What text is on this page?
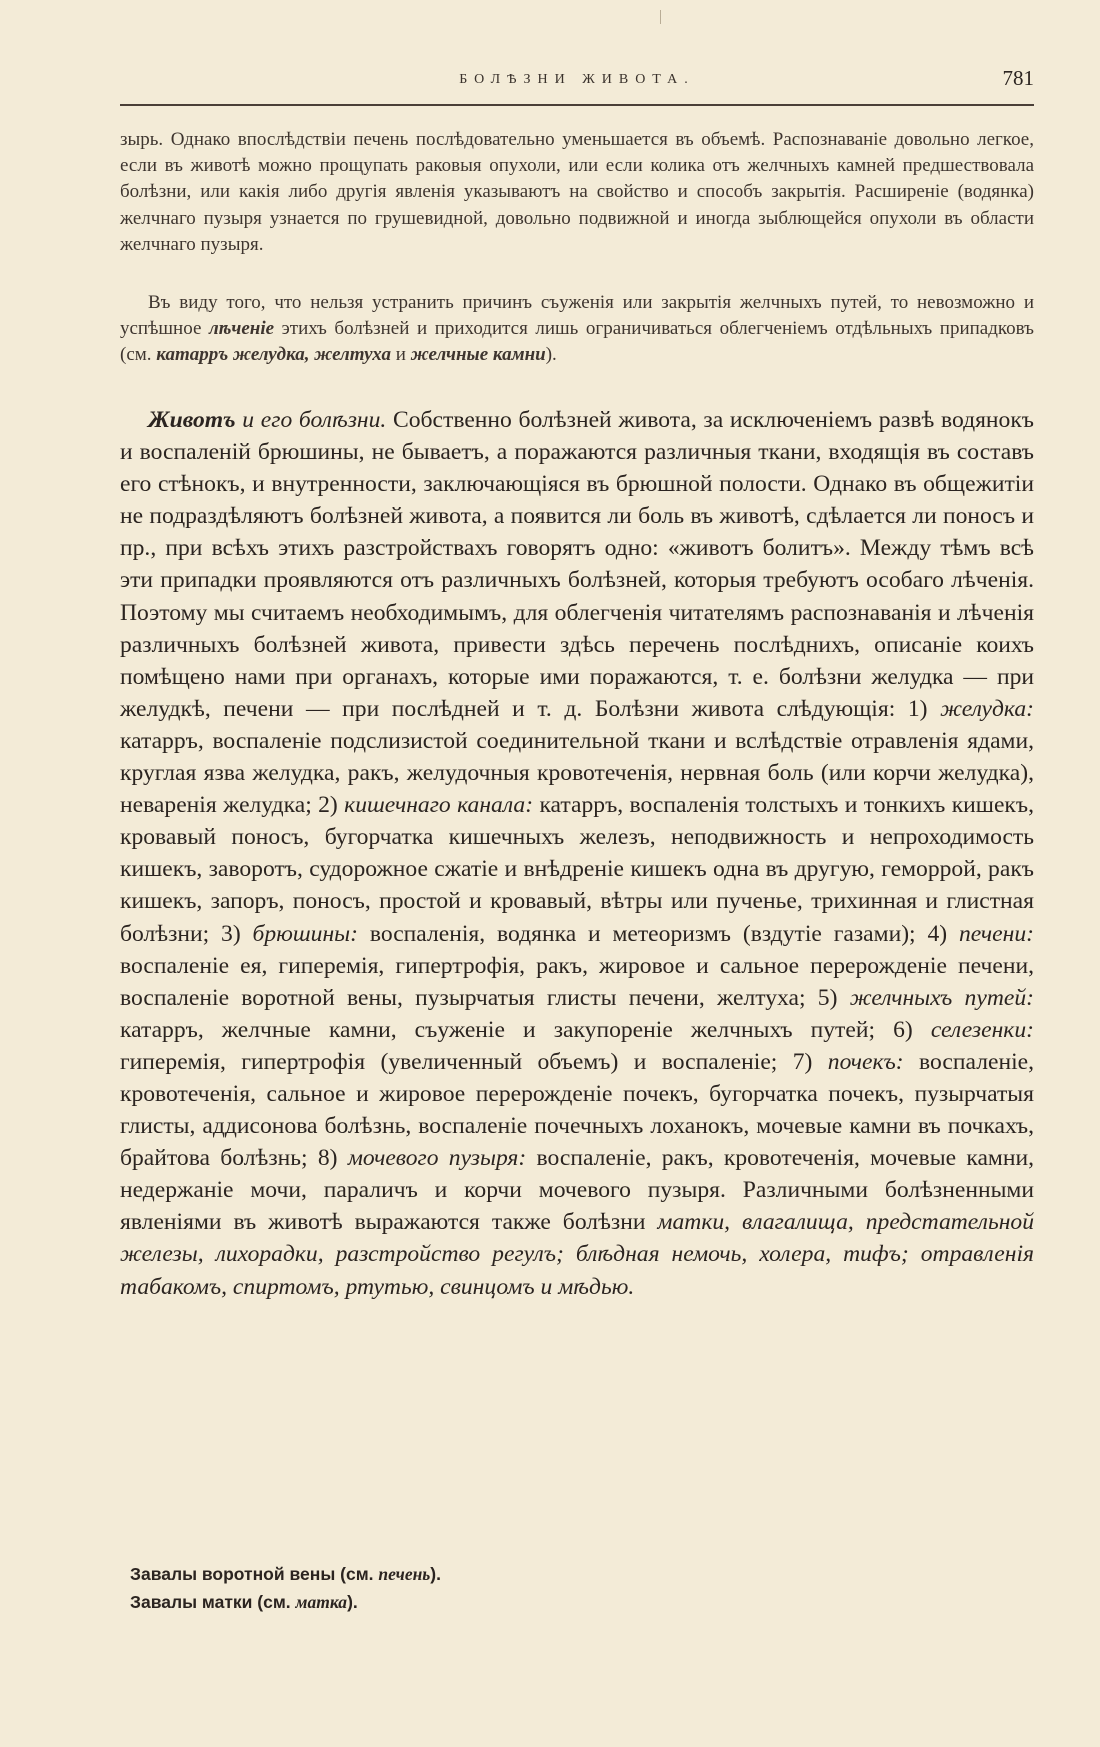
БОЛѢЗНИ ЖИВОТА.	781

зырь. Однако впослѣдствіи печень послѣдовательно уменьшается въ объемѣ. Распознаваніе довольно легкое, если въ животѣ можно прощупать раковыя опухоли, или если колика отъ желчныхъ камней предшествовала болѣзни, или какія либо другія явленія указываютъ на свойство и способъ закрытія. Расширеніе (водянка) желчнаго пузыря узнается по грушевидной, довольно подвижной и иногда зыблющейся опухоли въ области желчнаго пузыря.

Въ виду того, что нельзя устранить причинъ съуженія или закрытія желчныхъ путей, то невозможно и успѣшное лѣченіе этихъ болѣзней и приходится лишь ограничиваться облегченіемъ отдѣльныхъ припадковъ (см. катарръ желудка, желтуха и желчные камни).

Животъ и его болѣзни. Собственно болѣзней живота, за исключеніемъ развѣ водянокъ и воспаленій брюшины, не бываетъ, а поражаются различныя ткани, входящія въ составъ его стѣнокъ, и внутренности, заключающіяся въ брюшной полости. Однако въ общежитіи не подраздѣляютъ болѣзней живота, а появится ли боль въ животѣ, сдѣлается ли поносъ и пр., при всѣхъ этихъ разстройствахъ говорятъ одно: «животъ болитъ». Между тѣмъ всѣ эти припадки проявляются отъ различныхъ болѣзней, которыя требуютъ особаго лѣченія. Поэтому мы считаемъ необходимымъ, для облегченія читателямъ распознаванія и лѣченія различныхъ болѣзней живота, привести здѣсь перечень послѣднихъ, описаніе коихъ помѣщено нами при органахъ, которые ими поражаются, т. е. болѣзни желудка — при желудкѣ, печени — при послѣдней и т. д. Болѣзни живота слѣдующія: 1) желудка: катарръ, воспаленіе подслизистой соединительной ткани и вслѣдствіе отравленія ядами, круглая язва желудка, ракъ, желудочныя кровотеченія, нервная боль (или корчи желудка), неваренія желудка; 2) кишечнаго канала: катарръ, воспаленія толстыхъ и тонкихъ кишекъ, кровавый поносъ, бугорчатка кишечныхъ железъ, неподвижность и непроходимость кишекъ, заворотъ, судорожное сжатіе и внѣдреніе кишекъ одна въ другую, геморрой, ракъ кишекъ, запоръ, поносъ, простой и кровавый, вѣтры или пученье, трихинная и глистная болѣзни; 3) брюшины: воспаленія, водянка и метеоризмъ (вздутіе газами); 4) печени: воспаленіе ея, гиперемія, гипертрофія, ракъ, жировое и сальное перерожденіе печени, воспаленіе воротной вены, пузырчатыя глисты печени, желтуха; 5) желчныхъ путей: катарръ, желчные камни, съуженіе и закупореніе желчныхъ путей; 6) селезенки: гиперемія, гипертрофія (увеличенный объемъ) и воспаленіе; 7) почекъ: воспаленіе, кровотеченія, сальное и жировое перерожденіе почекъ, бугорчатка почекъ, пузырчатыя глисты, аддисонова болѣзнь, воспаленіе почечныхъ лоханокъ, мочевые камни въ почкахъ, брайтова болѣзнь; 8) мочевого пузыря: воспаленіе, ракъ, кровотеченія, мочевые камни, недержаніе мочи, параличъ и корчи мочевого пузыря. Различными болѣзненными явленіями въ животѣ выражаются также болѣзни матки, влагалища, предстательной железы, лихорадки, разстройство регулъ; блѣдная немочь, холера, тифъ; отравленія табакомъ, спиртомъ, ртутью, свинцомъ и мѣдью.

Завалы воротной вены (см. печень).
Завалы матки (см. матка).
